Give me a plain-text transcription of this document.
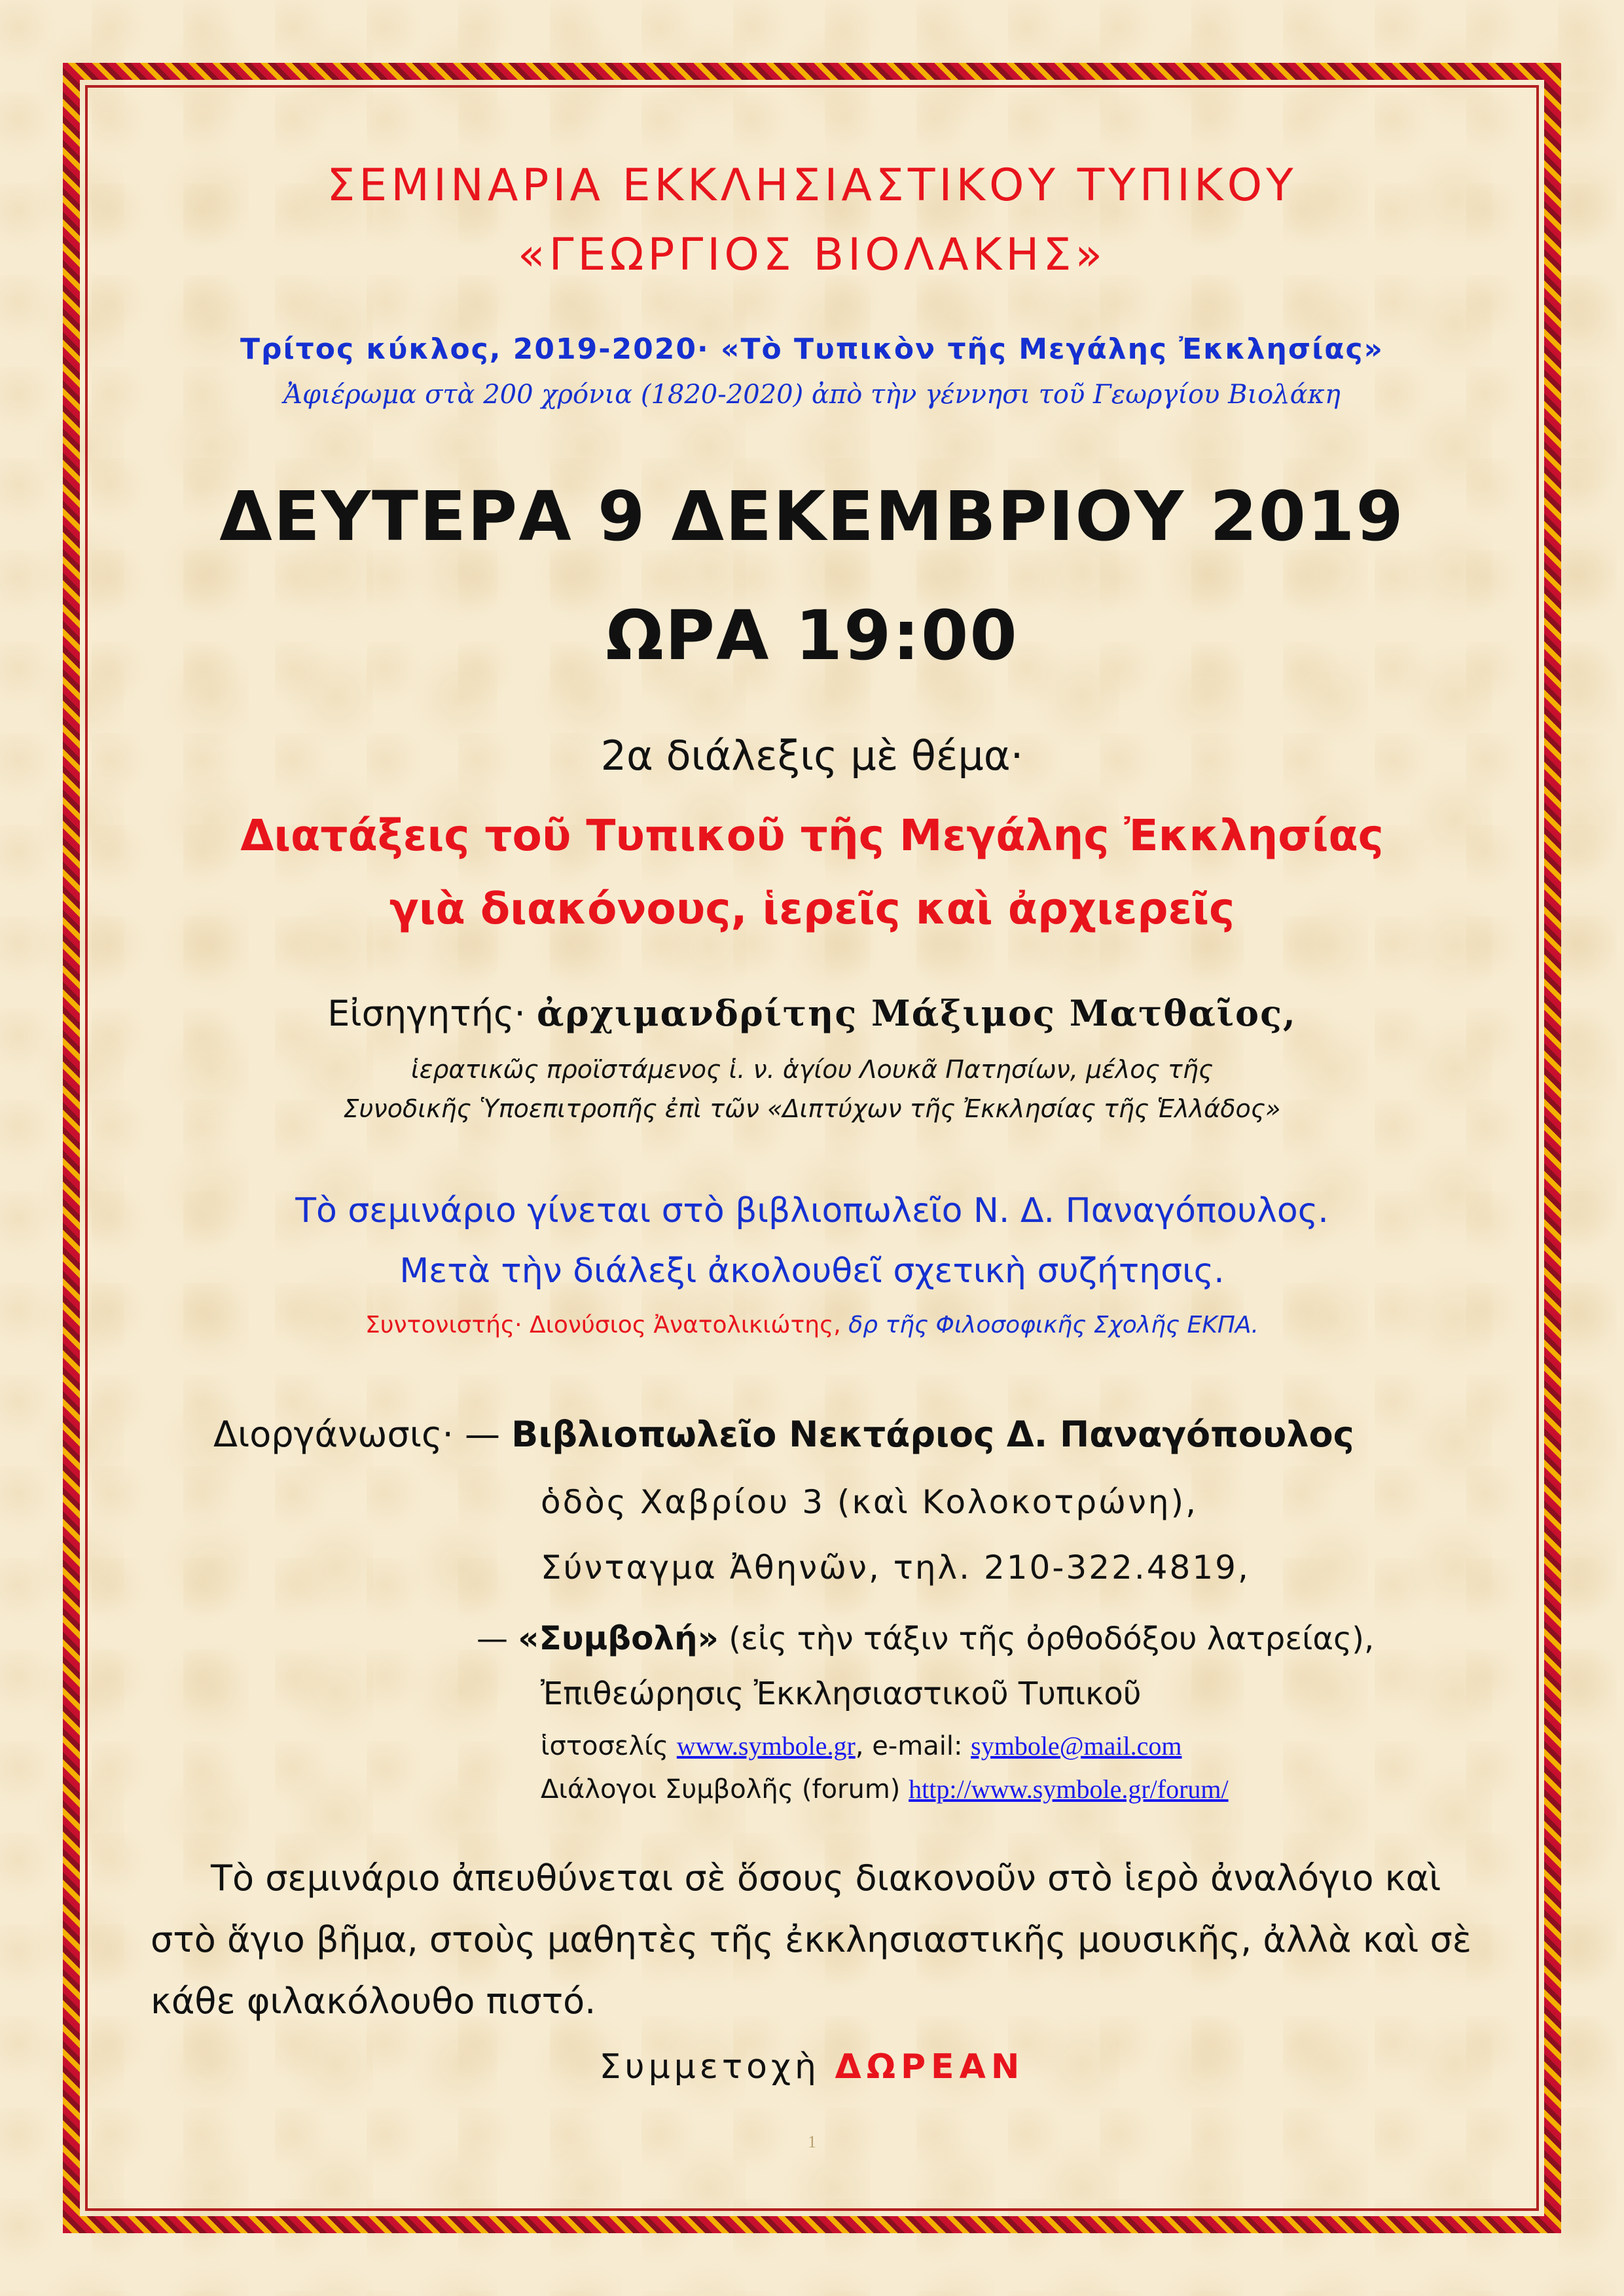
ΣΕΜΙΝΑΡΙΑ ΕΚΚΛΗΣΙΑΣΤΙΚΟΥ ΤΥΠΙΚΟΥ
«ΓΕΩΡΓΙΟΣ ΒΙΟΛΑΚΗΣ»
Τρίτος κύκλος, 2019-2020· «Τὸ Τυπικὸν τῆς Μεγάλης Ἐκκλησίας»
Ἀφιέρωμα στὰ 200 χρόνια (1820-2020) ἀπὸ τὴν γέννησι τοῦ Γεωργίου Βιολάκη
ΔΕΥΤΕΡΑ 9 ΔΕΚΕΜΒΡΙΟΥ 2019
ΩΡΑ 19:00
2α διάλεξις μὲ θέμα·
Διατάξεις τοῦ Τυπικοῦ τῆς Μεγάλης Ἐκκλησίας
γιὰ διακόνους, ἱερεῖς καὶ ἀρχιερεῖς
Εἰσηγητής· ἀρχιμανδρίτης Μάξιμος Ματθαῖος,
ἱερατικῶς προϊστάμενος ἱ. ν. ἁγίου Λουκᾶ Πατησίων, μέλος τῆς
Συνοδικῆς Ὑποεπιτροπῆς ἐπὶ τῶν «Διπτύχων τῆς Ἐκκλησίας τῆς Ἑλλάδος»
Τὸ σεμινάριο γίνεται στὸ βιβλιοπωλεῖο Ν. Δ. Παναγόπουλος.
Μετὰ τὴν διάλεξι ἀκολουθεῖ σχετικὴ συζήτησις.
Συντονιστής· Διονύσιος Ἀνατολικιώτης, δρ τῆς Φιλοσοφικῆς Σχολῆς ΕΚΠΑ.
Διοργάνωσις· — Βιβλιοπωλεῖο Νεκτάριος Δ. Παναγόπουλος
ὁδὸς Χαβρίου 3 (καὶ Κολοκοτρώνη),
Σύνταγμα Ἀθηνῶν, τηλ. 210-322.4819,
— «Συμβολή» (εἰς τὴν τάξιν τῆς ὀρθοδόξου λατρείας),
Ἐπιθεώρησις Ἐκκλησιαστικοῦ Τυπικοῦ
ἱστοσελίς www.symbole.gr, e-mail: symbole@mail.com
Διάλογοι Συμβολῆς (forum) http://www.symbole.gr/forum/
Τὸ σεμινάριο ἀπευθύνεται σὲ ὅσους διακονοῦν στὸ ἱερὸ ἀναλόγιο καὶ
στὸ ἅγιο βῆμα, στοὺς μαθητὲς τῆς ἐκκλησιαστικῆς μουσικῆς, ἀλλὰ καὶ σὲ
κάθε φιλακόλουθο πιστό.
Συμμετοχὴ ΔΩΡΕΑΝ
1
